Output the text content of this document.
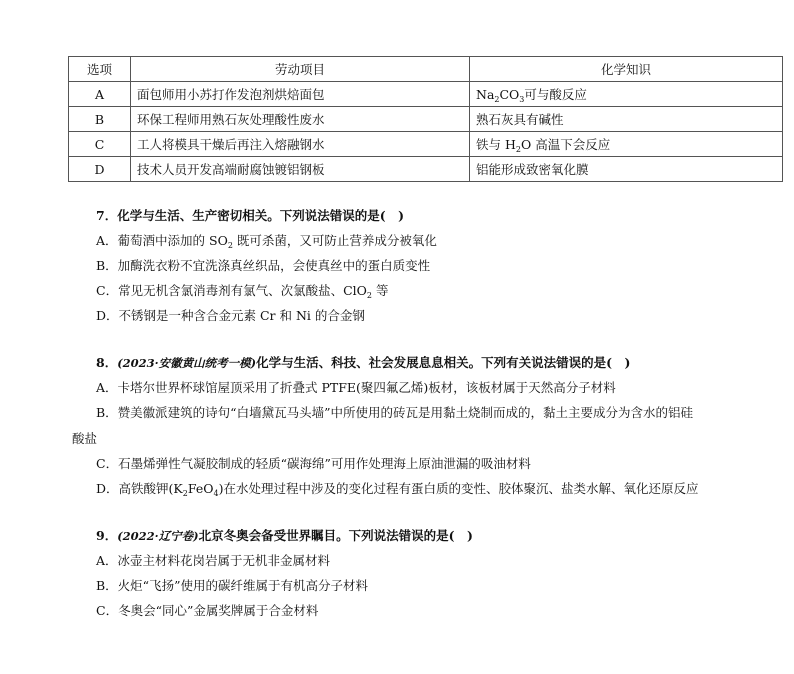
选项	劳动项目	化学知识
A	面包师用小苏打作发泡剂烘焙面包	$Na_2CO_3$可与酸反应
B	环保工程师用熟石灰处理酸性废水	熟石灰具有碱性
C	工人将模具干燥后再注入熔融钢水	铁与 $H_2O$ 高温下会反应
D	技术人员开发高端耐腐蚀镀铝钢板	铝能形成致密氧化膜
7．化学与生活、生产密切相关。下列说法错误的是(　)
A．葡萄酒中添加的 $SO_2$ 既可杀菌，又可防止营养成分被氧化
B．加酶洗衣粉不宜洗涤真丝织品，会使真丝中的蛋白质变性
C．常见无机含氯消毒剂有氯气、次氯酸盐、ClO$_2$ 等
D．不锈钢是一种含合金元素 Cr 和 Ni 的合金钢
8．(2023·安徽黄山统考一模)化学与生活、科技、社会发展息息相关。下列有关说法错误的是(　)
A．卡塔尔世界杯球馆屋顶采用了折叠式 PTFE(聚四氟乙烯)板材，该板材属于天然高分子材料
B．赞美徽派建筑的诗句“白墙黛瓦马头墙”中所使用的砖瓦是用黏土烧制而成的，黏土主要成分为含水的铝硅
酸盐
C．石墨烯弹性气凝胶制成的轻质“碳海绵”可用作处理海上原油泄漏的吸油材料
D．高铁酸钾$(K_2FeO_4)$在水处理过程中涉及的变化过程有蛋白质的变性、胶体聚沉、盐类水解、氧化还原反应
9．(2022·辽宁卷)北京冬奥会备受世界瞩目。下列说法错误的是(　)
A．冰壶主材料花岗岩属于无机非金属材料
B．火炬“飞扬”使用的碳纤维属于有机高分子材料
C．冬奥会“同心”金属奖牌属于合金材料
